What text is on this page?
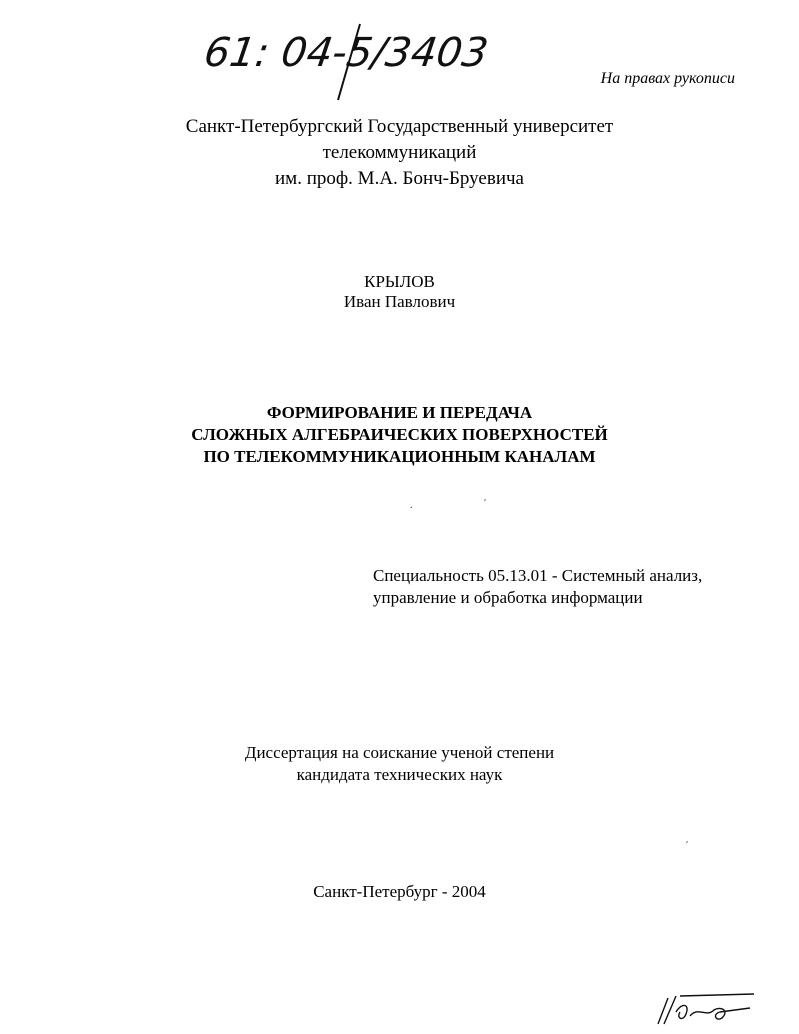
61: 04-5/3403
На правах рукописи
Санкт-Петербургский Государственный университет
телекоммуникаций
им. проф. М.А. Бонч-Бруевича
КРЫЛОВ
Иван Павлович
ФОРМИРОВАНИЕ И ПЕРЕДАЧА
СЛОЖНЫХ АЛГЕБРАИЧЕСКИХ ПОВЕРХНОСТЕЙ
ПО ТЕЛЕКОММУНИКАЦИОННЫМ КАНАЛАМ
.	ʹ
Специальность 05.13.01 - Системный анализ,
управление и обработка информации
Диссертация на соискание ученой степени
кандидата технических наук
ʹ
Санкт-Петербург - 2004
